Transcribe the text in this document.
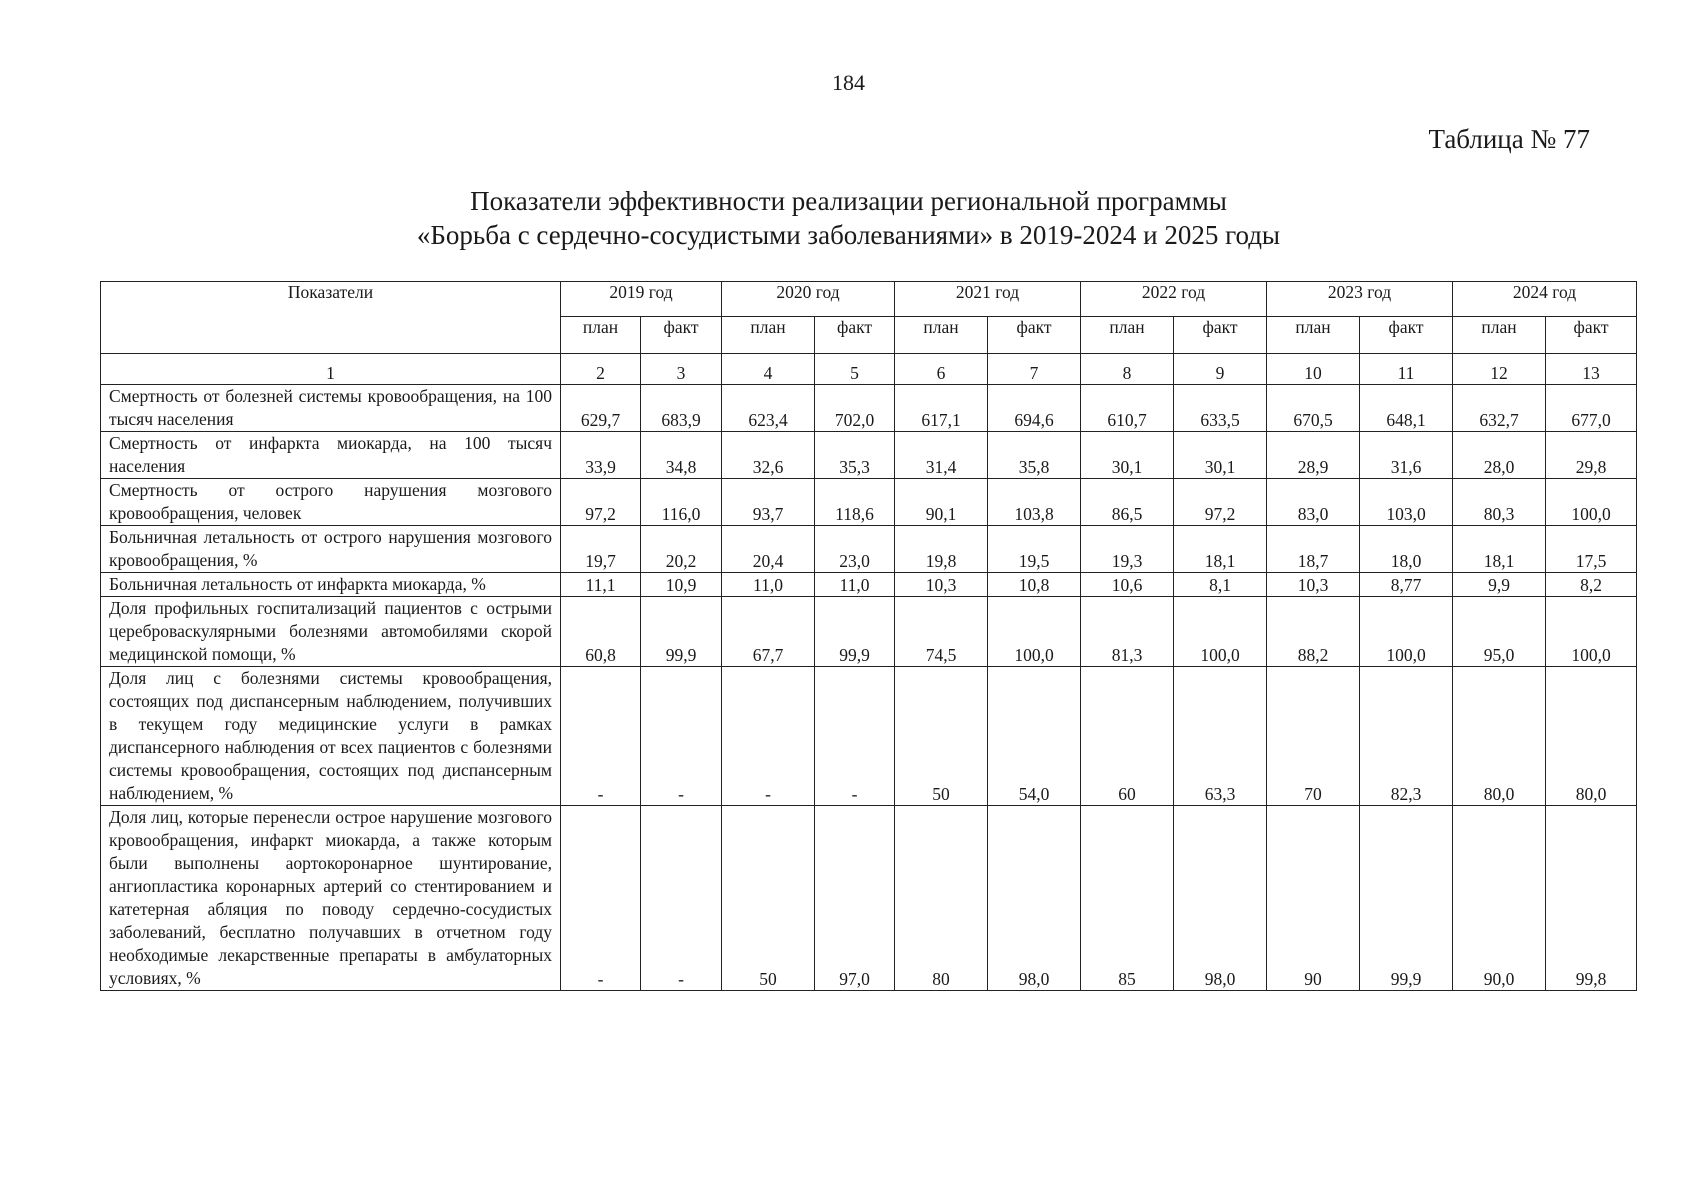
184
Таблица № 77
Показатели эффективности реализации региональной программы
«Борьба с сердечно-сосудистыми заболеваниями» в 2019-2024 и 2025 годы
Показатели	2019 год		2020 год		2021 год		2022 год		2023 год		2024 год	
	план	факт	план	факт	план	факт	план	факт	план	факт	план	факт
1	2	3	4	5	6	7	8	9	10	11	12	13
Смертность от болезней системы кровообращения, на 100 тысяч населения	629,7	683,9	623,4	702,0	617,1	694,6	610,7	633,5	670,5	648,1	632,7	677,0
Смертность от инфаркта миокарда, на 100 тысяч населения	33,9	34,8	32,6	35,3	31,4	35,8	30,1	30,1	28,9	31,6	28,0	29,8
Смертность от острого нарушения мозгового кровообращения, человек	97,2	116,0	93,7	118,6	90,1	103,8	86,5	97,2	83,0	103,0	80,3	100,0
Больничная летальность от острого нарушения мозгового кровообращения, %	19,7	20,2	20,4	23,0	19,8	19,5	19,3	18,1	18,7	18,0	18,1	17,5
Больничная летальность от инфаркта миокарда, %	11,1	10,9	11,0	11,0	10,3	10,8	10,6	8,1	10,3	8,77	9,9	8,2
Доля профильных госпитализаций пациентов с острыми цереброваскулярными болезнями автомобилями скорой медицинской помощи, %	60,8	99,9	67,7	99,9	74,5	100,0	81,3	100,0	88,2	100,0	95,0	100,0
Доля лиц с болезнями системы кровообращения, состоящих под диспансерным наблюдением, получивших в текущем году медицинские услуги в рамках диспансерного наблюдения от всех пациентов с болезнями системы кровообращения, состоящих под диспансерным наблюдением, %	-	-	-	-	50	54,0	60	63,3	70	82,3	80,0	80,0
Доля лиц, которые перенесли острое нарушение мозгового кровообращения, инфаркт миокарда, а также которым были выполнены аортокоронарное шунтирование, ангиопластика коронарных артерий со стентированием и катетерная абляция по поводу сердечно-сосудистых заболеваний, бесплатно получавших в отчетном году необходимые лекарственные препараты в амбулаторных условиях, %	-	-	50	97,0	80	98,0	85	98,0	90	99,9	90,0	99,8
